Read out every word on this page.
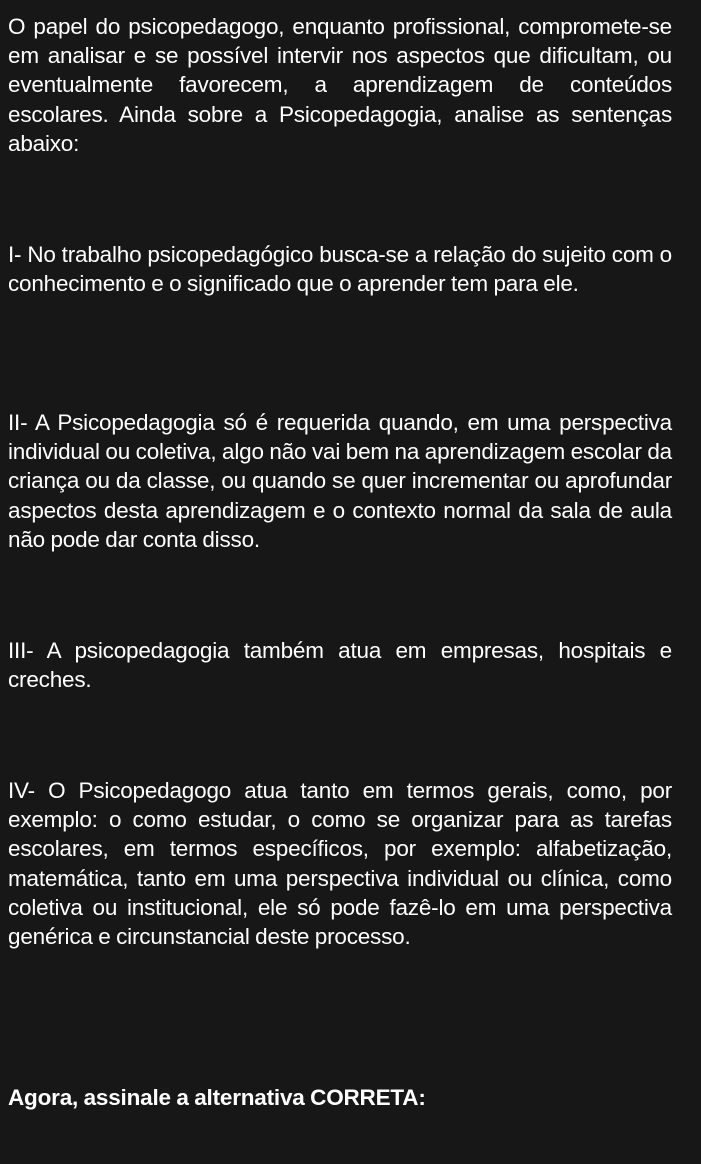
O papel do psicopedagogo, enquanto profissional, compromete-se em analisar e se possível intervir nos aspectos que dificultam, ou eventualmente favorecem, a aprendizagem de conteúdos escolares. Ainda sobre a Psicopedagogia, analise as sentenças abaixo:

I- No trabalho psicopedagógico busca-se a relação do sujeito com o conhecimento e o significado que o aprender tem para ele.

II- A Psicopedagogia só é requerida quando, em uma perspectiva individual ou coletiva, algo não vai bem na aprendizagem escolar da criança ou da classe, ou quando se quer incrementar ou aprofundar aspectos desta aprendizagem e o contexto normal da sala de aula não pode dar conta disso.

III- A psicopedagogia também atua em empresas, hospitais e creches.

IV- O Psicopedagogo atua tanto em termos gerais, como, por exemplo: o como estudar, o como se organizar para as tarefas escolares, em termos específicos, por exemplo: alfabetização, matemática, tanto em uma perspectiva individual ou clínica, como coletiva ou institucional, ele só pode fazê-lo em uma perspectiva genérica e circunstancial deste processo.

Agora, assinale a alternativa CORRETA:
